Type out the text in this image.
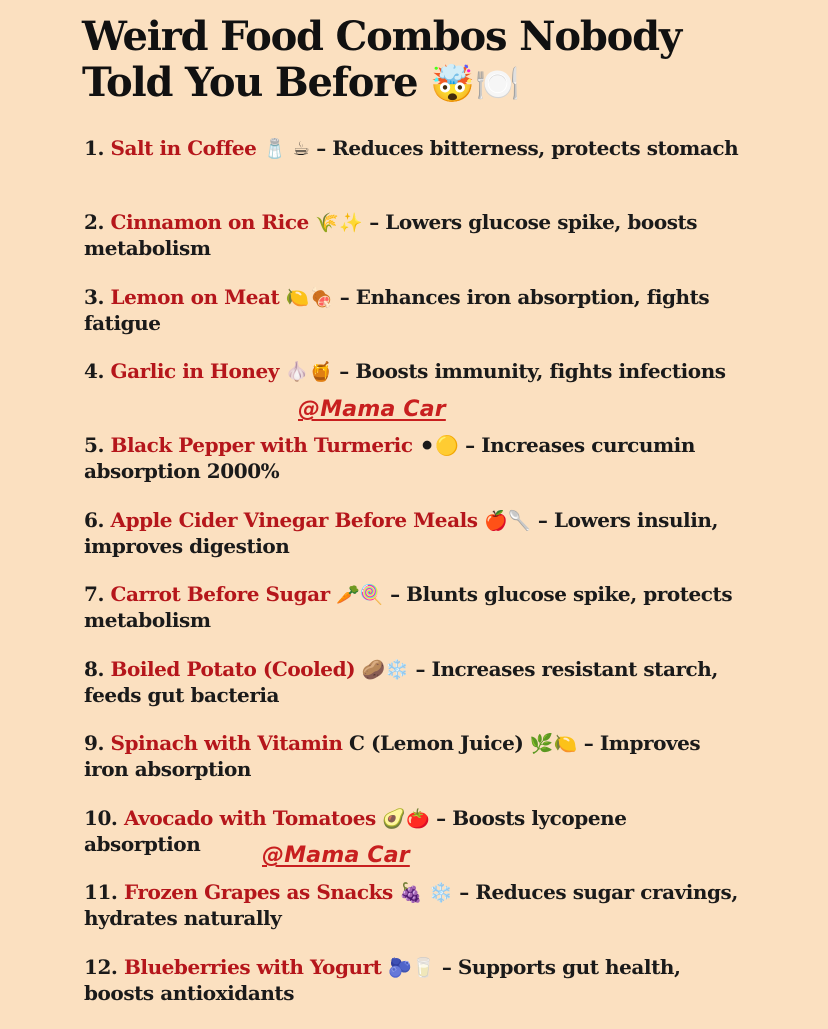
Weird Food Combos Nobody Told You Before 🤯🍽️
1. Salt in Coffee 🧂 ☕ – Reduces bitterness, protects stomach
2. Cinnamon on Rice 🌾✨ – Lowers glucose spike, boosts metabolism
3. Lemon on Meat 🍋🍖 – Enhances iron absorption, fights fatigue
4. Garlic in Honey 🧄🍯 – Boosts immunity, fights infections
@Mama Car
5. Black Pepper with Turmeric ⚫🟡 – Increases curcumin absorption 2000%
6. Apple Cider Vinegar Before Meals 🍎🥄 – Lowers insulin, improves digestion
7. Carrot Before Sugar 🥕🍭 – Blunts glucose spike, protects metabolism
8. Boiled Potato (Cooled) 🥔❄️ – Increases resistant starch, feeds gut bacteria
9. Spinach with Vitamin C (Lemon Juice) 🌿🍋 – Improves iron absorption
10. Avocado with Tomatoes 🥑🍅 – Boosts lycopene absorption	@Mama Car
11. Frozen Grapes as Snacks 🍇 ❄️ – Reduces sugar cravings, hydrates naturally
12. Blueberries with Yogurt 🫐🥛 – Supports gut health, boosts antioxidants
